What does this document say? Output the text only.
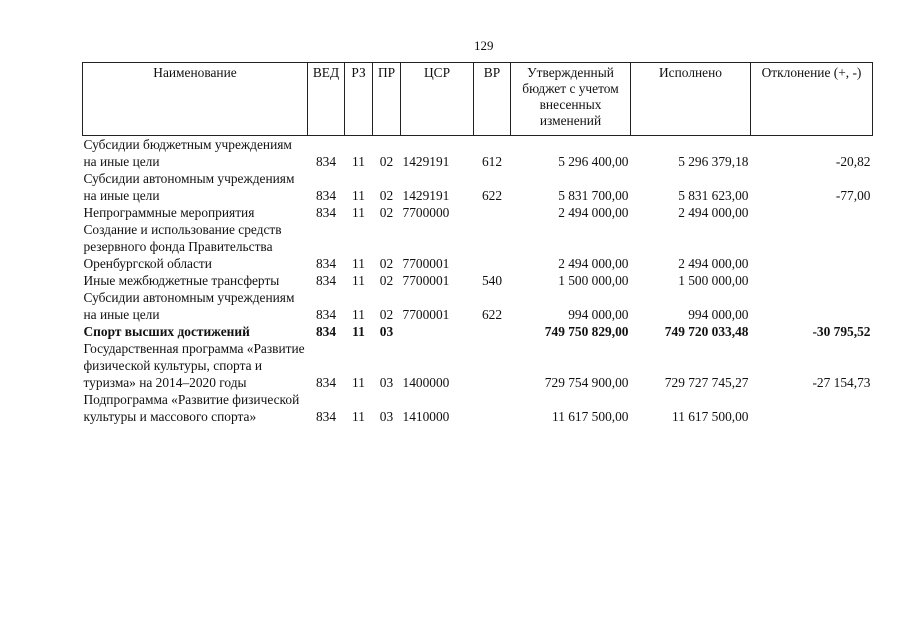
129
Наименование	ВЕД	РЗ	ПР	ЦСР	ВР	Утвержденный бюджет с учетом внесенных изменений	Исполнено	Отклонение (+, -)
Субсидии бюджетным учреждениям на иные цели	834	11	02	1429191	612	5 296 400,00	5 296 379,18	-20,82
Субсидии автономным учреждениям на иные цели	834	11	02	1429191	622	5 831 700,00	5 831 623,00	-77,00
Непрограммные мероприятия	834	11	02	7700000		2 494 000,00	2 494 000,00	
Создание и использование средств резервного фонда Правительства Оренбургской области	834	11	02	7700001		2 494 000,00	2 494 000,00	
Иные межбюджетные трансферты	834	11	02	7700001	540	1 500 000,00	1 500 000,00	
Субсидии автономным учреждениям на иные цели	834	11	02	7700001	622	994 000,00	994 000,00	
Спорт высших достижений	834	11	03			749 750 829,00	749 720 033,48	-30 795,52
Государственная программа «Развитие физической культуры, спорта и туризма» на 2014–2020 годы	834	11	03	1400000		729 754 900,00	729 727 745,27	-27 154,73
Подпрограмма «Развитие физической культуры и массового спорта»	834	11	03	1410000		11 617 500,00	11 617 500,00	
